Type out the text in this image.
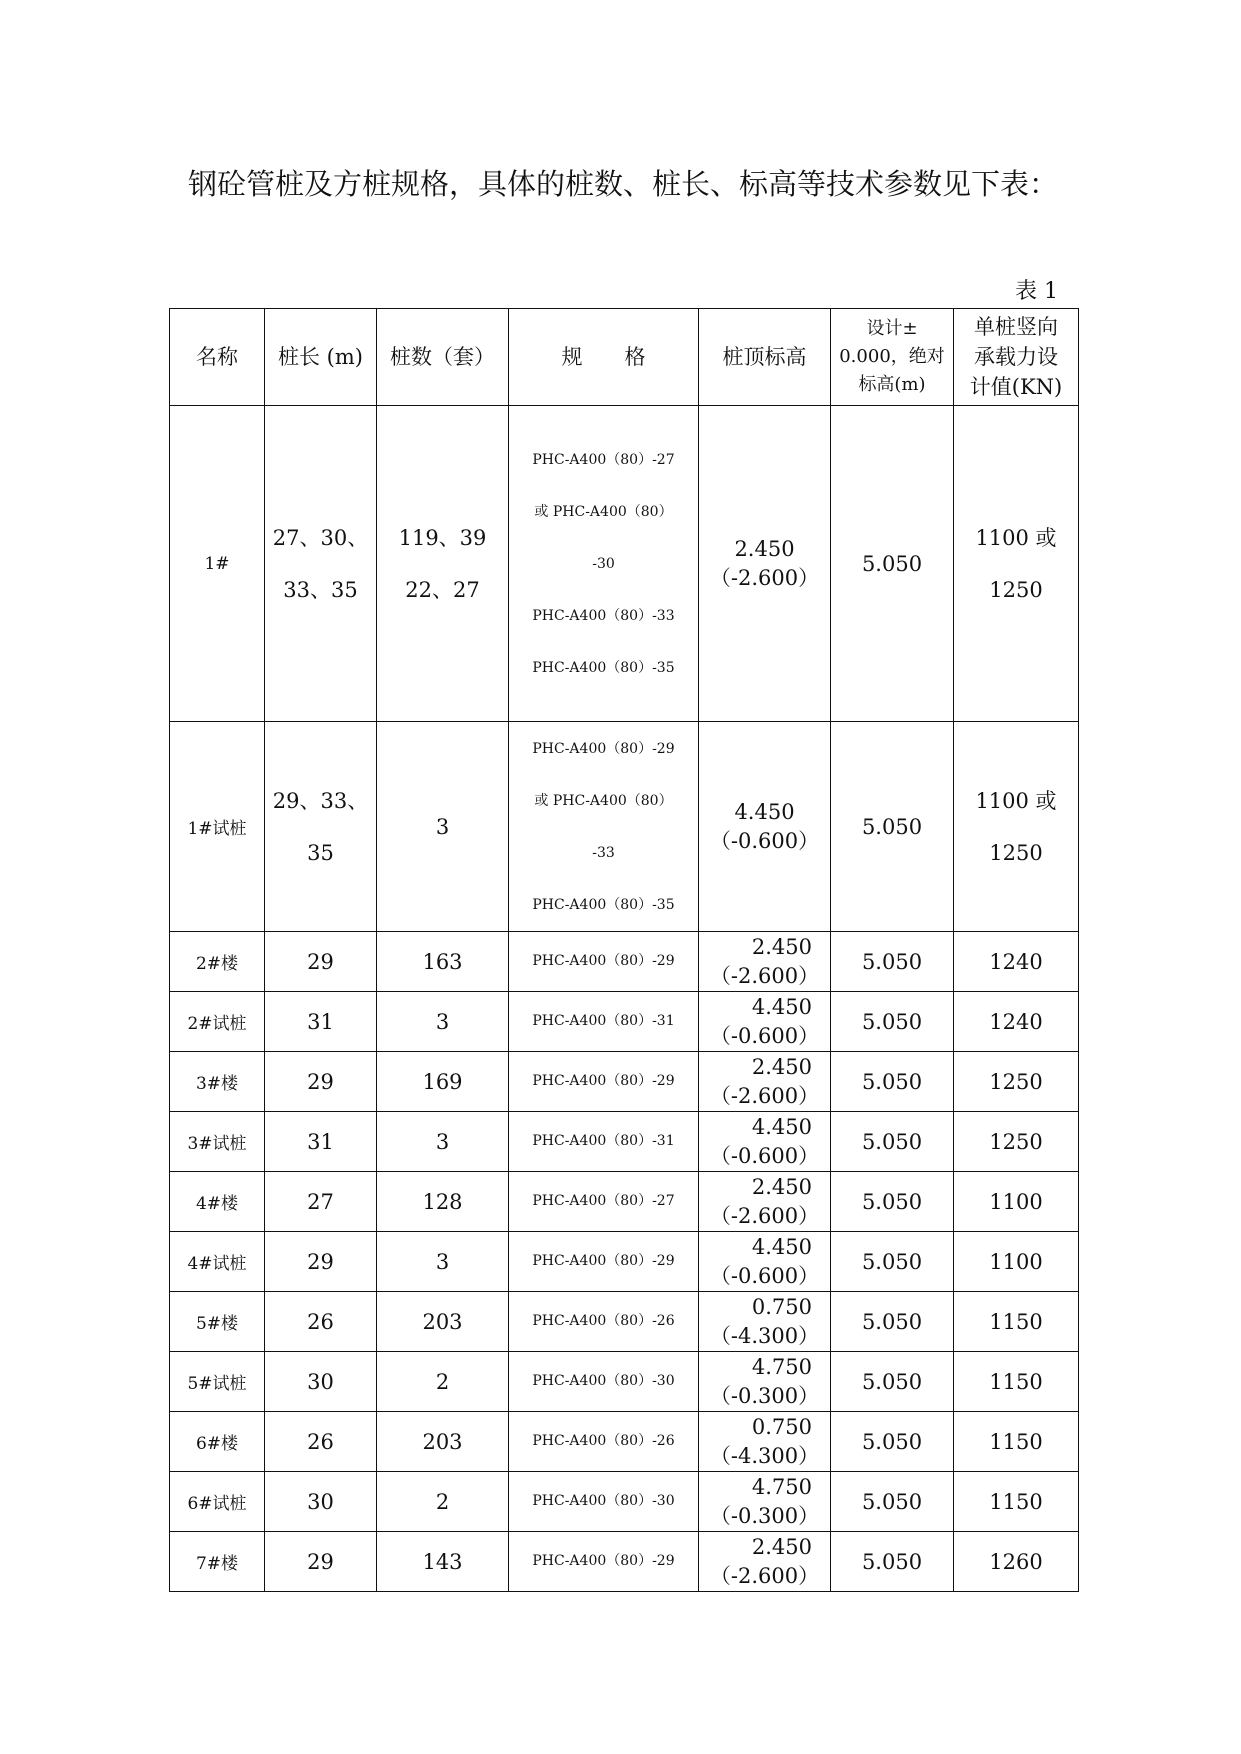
钢砼管桩及方桩规格，具体的桩数、桩长、标高等技术参数见下表：

表 1
名称	桩长 (m)	桩数（套）	规　　格	桩顶标高	设计±
0.000，绝对
标高(m)	单桩竖向
承载力设
计值(KN)

1#	27、30、
33、35	119、39
22、27	PHC-A400（80）-27
或 PHC-A400（80）
-30
PHC-A400（80）-33
PHC-A400（80）-35	2.450
（-2.600）	5.050	1100 或
1250

1#试桩	29、33、
35	3	PHC-A400（80）-29
或 PHC-A400（80）
-33
PHC-A400（80）-35	4.450
（-0.600）	5.050	1100 或
1250

2#楼	29	163	PHC-A400（80）-29	2.450
（-2.600）	5.050	1240
2#试桩	31	3	PHC-A400（80）-31	4.450
（-0.600）	5.050	1240
3#楼	29	169	PHC-A400（80）-29	2.450
（-2.600）	5.050	1250
3#试桩	31	3	PHC-A400（80）-31	4.450
（-0.600）	5.050	1250
4#楼	27	128	PHC-A400（80）-27	2.450
（-2.600）	5.050	1100
4#试桩	29	3	PHC-A400（80）-29	4.450
（-0.600）	5.050	1100
5#楼	26	203	PHC-A400（80）-26	0.750
（-4.300）	5.050	1150
5#试桩	30	2	PHC-A400（80）-30	4.750
（-0.300）	5.050	1150
6#楼	26	203	PHC-A400（80）-26	0.750
（-4.300）	5.050	1150
6#试桩	30	2	PHC-A400（80）-30	4.750
（-0.300）	5.050	1150
7#楼	29	143	PHC-A400（80）-29	2.450
（-2.600）	5.050	1260
